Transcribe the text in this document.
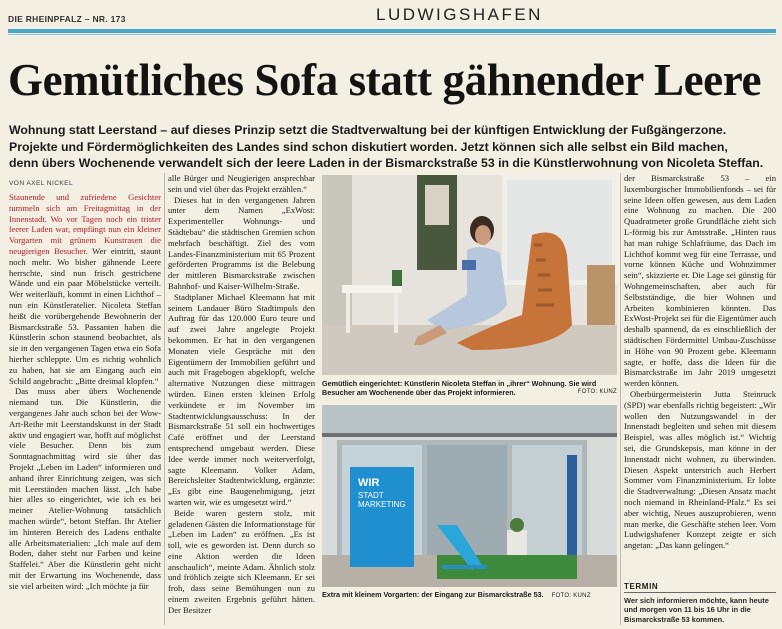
DIE RHEINPFALZ – NR. 173	LUDWIGSHAFEN
Gemütliches Sofa statt gähnender Leere

Wohnung statt Leerstand – auf dieses Prinzip setzt die Stadtverwaltung bei der künftigen Entwicklung der Fußgängerzone.

Projekte und Fördermöglichkeiten des Landes sind schon diskutiert worden. Jetzt können sich alle selbst ein Bild machen,

denn übers Wochenende verwandelt sich der leere Laden in der Bismarckstraße 53 in die Künstlerwohnung von Nicoleta Steffan.

VON AXEL NICKEL

Staunende und zufriedene Gesichter tummeln sich am Freitagmittag in der Innenstadt. Wo vor Tagen noch ein trister leerer Laden war, empfängt nun ein kleiner Vorgarten mit grünem Kunstrasen die neugierigen Besucher. Wer eintritt, staunt noch mehr. Wo bisher gähnende Leere herrschte, sind nun frisch gestrichene Wände und ein paar Möbelstücke verteilt. Wer weiterläuft, kommt in einen Lichthof – nun ein Künstleratelier. Nicoleta Steffan heißt die vorübergehende Bewohnerin der Bismarckstraße 53. Passanten haben die Künstlerin schon staunend beobachtet, als sie in den vergangenen Tagen etwa ein Sofa hierher schleppte. Um es richtig wohnlich zu haben, hat sie am Eingang auch ein Schild angebracht: „Bitte dreimal klopfen.“

Das muss aber übers Wochenende niemand tun. Die Künstlerin, die vergangenes Jahr auch schon bei der Wow-Art-Reihe mit Leerstandskunst in der Stadt aktiv und engagiert war, hofft auf möglichst viele Besucher. Denn bis zum Sonntagnachmittag wird sie über das Projekt „Leben im Laden“ informieren und anhand ihrer Einrichtung zeigen, was sich mit Leerständen machen lässt. „Ich habe hier alles so eingerichtet, wie ich es bei meiner Atelier-Wohnung tatsächlich machen würde“, betont Steffan. Ihr Atelier im hinteren Bereich des Ladens enthalte alle Arbeitsmaterialien: „Ich male auf dem Boden, daher steht nur Farben und keine Staffelei.“ Aber die Künstlerin geht nicht mit der Erwartung ins Wochenende, dass sie viel arbeiten wird: „Ich möchte ja für

alle Bürger und Neugierigen ansprechbar sein und viel über das Projekt erzählen.“

Dieses hat in den vergangenen Jahren unter dem Namen „ExWost: Experimenteller Wohnungs- und Städtebau“ die städtischen Gremien schon mehrfach beschäftigt. Ziel des vom Landes-Finanzministerium mit 65 Prozent geförderten Programms ist die Belebung der mittleren Bismarckstraße zwischen Bahnhof- und Kaiser-Wilhelm-Straße.

Stadtplaner Michael Kleemann hat mit seinem Landauer Büro Stadtimpuls den Auftrag für das 120.000 Euro teure und auf zwei Jahre angelegte Projekt bekommen. Er hat in den vergangenen Monaten viele Gespräche mit den Eigentümern der Immobilien geführt und auch mit Fragebogen abgeklopft, welche alternative Nutzungen diese mittragen würden. Einen ersten kleinen Erfolg verkündete er im November im Stadtentwicklungsausschuss: In der Bismarckstraße 51 soll ein hochwertiges Café eröffnet und der Leerstand entsprechend umgebaut werden. Diese Idee werde immer noch weiterverfolgt, sagte Kleemann. Volker Adam, Bereichsleiter Stadtentwicklung, ergänzte: „Es gibt eine Baugenehmigung, jetzt warten wir, wie es umgesetzt wird.“

Beide waren gestern stolz, mit geladenen Gästen die Informationstage für „Leben im Laden“ zu eröffnen. „Es ist toll, wie es geworden ist. Denn durch so eine Aktion werden die Ideen anschaulich“, meinte Adam. Ähnlich stolz und fröhlich zeigte sich Kleemann. Er sei froh, dass seine Bemühungen nun zu einem zweiten Ergebnis geführt hätten. Der Besitzer

Gemütlich eingerichtet: Künstlerin Nicoleta Steffan in „ihrer“ Wohnung. Sie wird Besucher am Wochenende über das Projekt informieren.	FOTO: KUNZ
WIR
STADT MARKETING
Extra mit kleinem Vorgarten: der Eingang zur Bismarckstraße 53. FOTO: KUNZ

der Bismarckstraße 53 – ein luxemburgischer Immobilienfonds – sei für seine Ideen offen gewesen, aus dem Laden eine Wohnung zu machen. Die 200 Quadratmeter große Grundfläche zieht sich L-förmig bis zur Amtsstraße. „Hinten raus hat man ruhige Schlafräume, das Dach im Lichthof kommt weg für eine Terrasse, und vorne können Küche und Wohnzimmer sein“, skizzierte er. Die Lage sei günstig für Wohngemeinschaften, aber auch für Selbstständige, die hier Wohnen und Arbeiten kombinieren könnten. Das ExWost-Projekt sei für die Eigentümer auch deshalb spannend, da es einschließlich der städtischen Fördermittel Umbau-Zuschüsse in Höhe von 90 Prozent gebe. Kleemann sagte, er hoffe, dass die Ideen für die Bismarckstraße im Jahr 2019 umgesetzt werden können.

Oberbürgermeisterin Jutta Steinruck (SPD) war ebenfalls richtig begeistert: „Wir wollen den Nutzungswandel in der Innenstadt begleiten und sehen mit diesem Beispiel, was alles möglich ist.“ Wichtig sei, die Grundskepsis, man könne in der Innenstadt nicht wohnen, zu überwinden. Diesen Aspekt unterstrich auch Herbert Sommer vom Finanzministerium. Er lobte die Stadtverwaltung: „Diesen Ansatz macht noch niemand in Rheinland-Pfalz.“ Es sei aber wichtig, Neues auszuprobieren, wenn man merke, die Geschäfte stehen leer. Vom Ludwigshafener Konzept zeigte er sich angetan: „Das kann gelingen.“

TERMIN
Wer sich informieren möchte, kann heute und morgen von 11 bis 16 Uhr in die Bismarckstraße 53 kommen.
